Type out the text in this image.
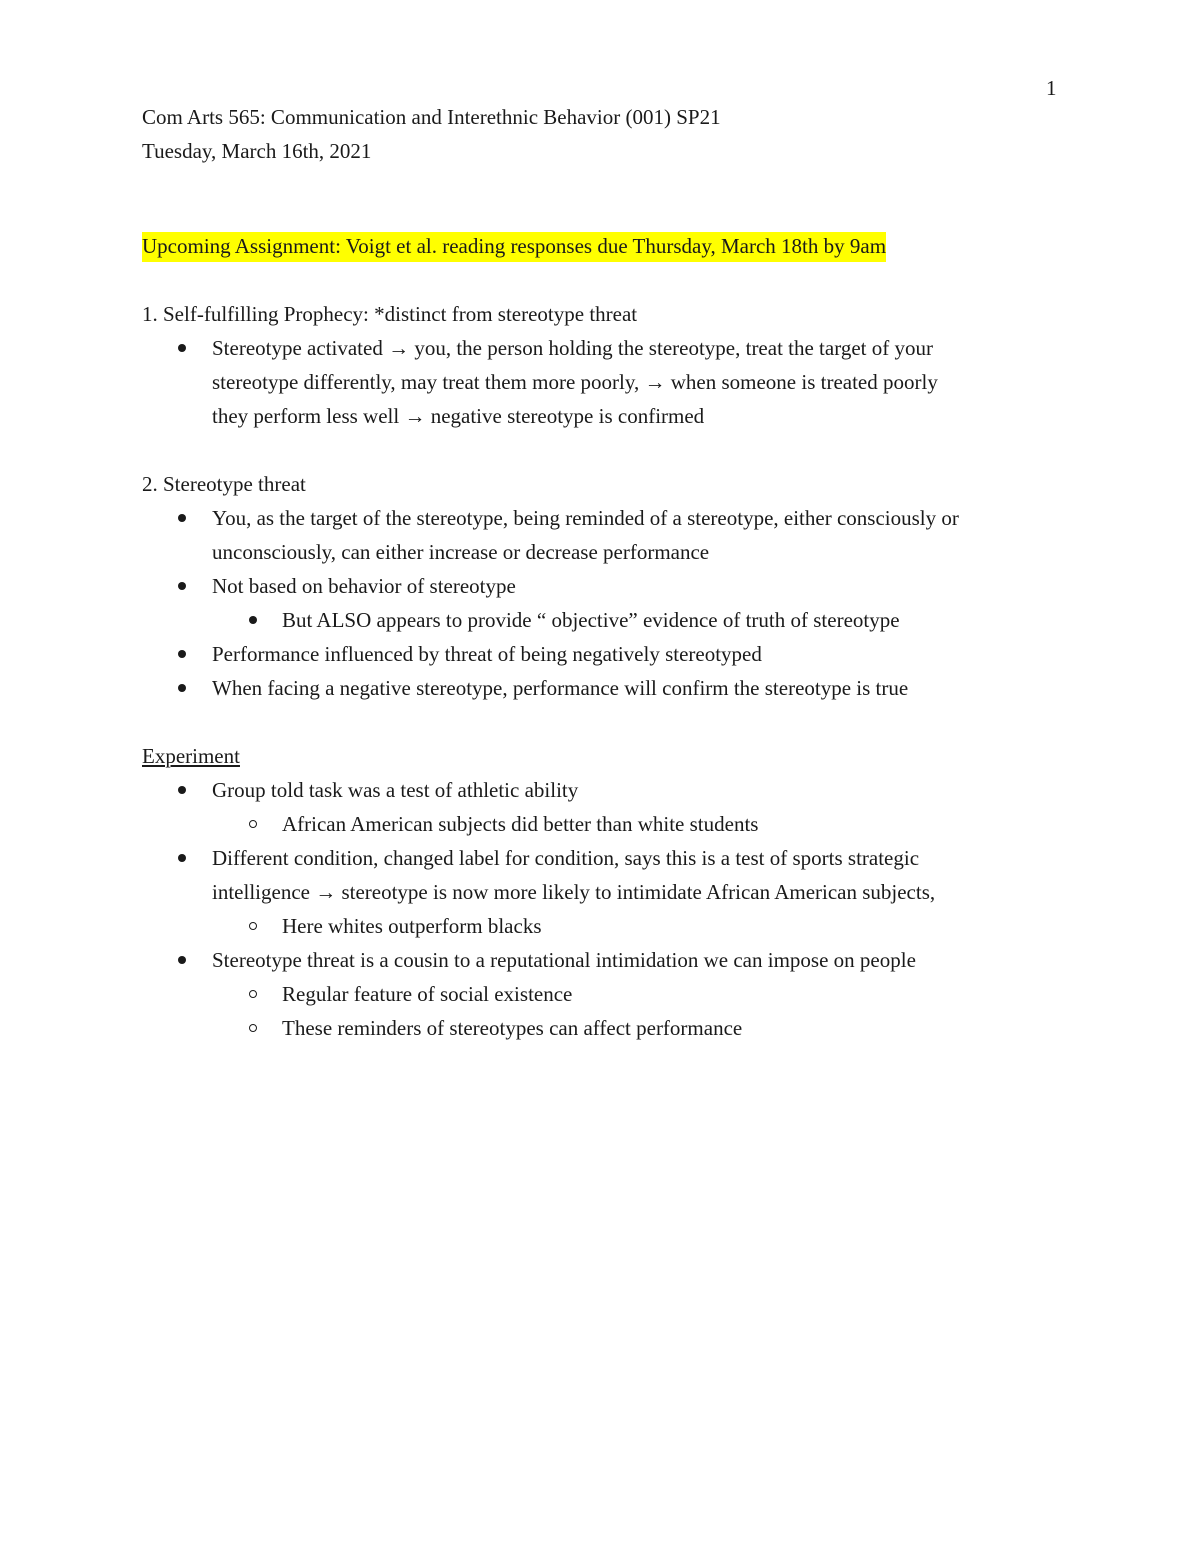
1

Com Arts 565: Communication and Interethnic Behavior (001) SP21

Tuesday, March 16th, 2021

Upcoming Assignment: Voigt et al. reading responses due Thursday, March 18th by 9am

1. Self-fulfilling Prophecy: *distinct from stereotype threat

Stereotype activated → you, the person holding the stereotype, treat the target of your
stereotype differently, may treat them more poorly, → when someone is treated poorly
they perform less well → negative stereotype is confirmed

2. Stereotype threat

You, as the target of the stereotype, being reminded of a stereotype, either consciously or
unconsciously, can either increase or decrease performance
Not based on behavior of stereotype
But ALSO appears to provide “ objective” evidence of truth of stereotype
Performance influenced by threat of being negatively stereotyped
When facing a negative stereotype, performance will confirm the stereotype is true

Experiment

Group told task was a test of athletic ability
African American subjects did better than white students
Different condition, changed label for condition, says this is a test of sports strategic
intelligence → stereotype is now more likely to intimidate African American subjects,
Here whites outperform blacks
Stereotype threat is a cousin to a reputational intimidation we can impose on people
Regular feature of social existence
These reminders of stereotypes can affect performance
